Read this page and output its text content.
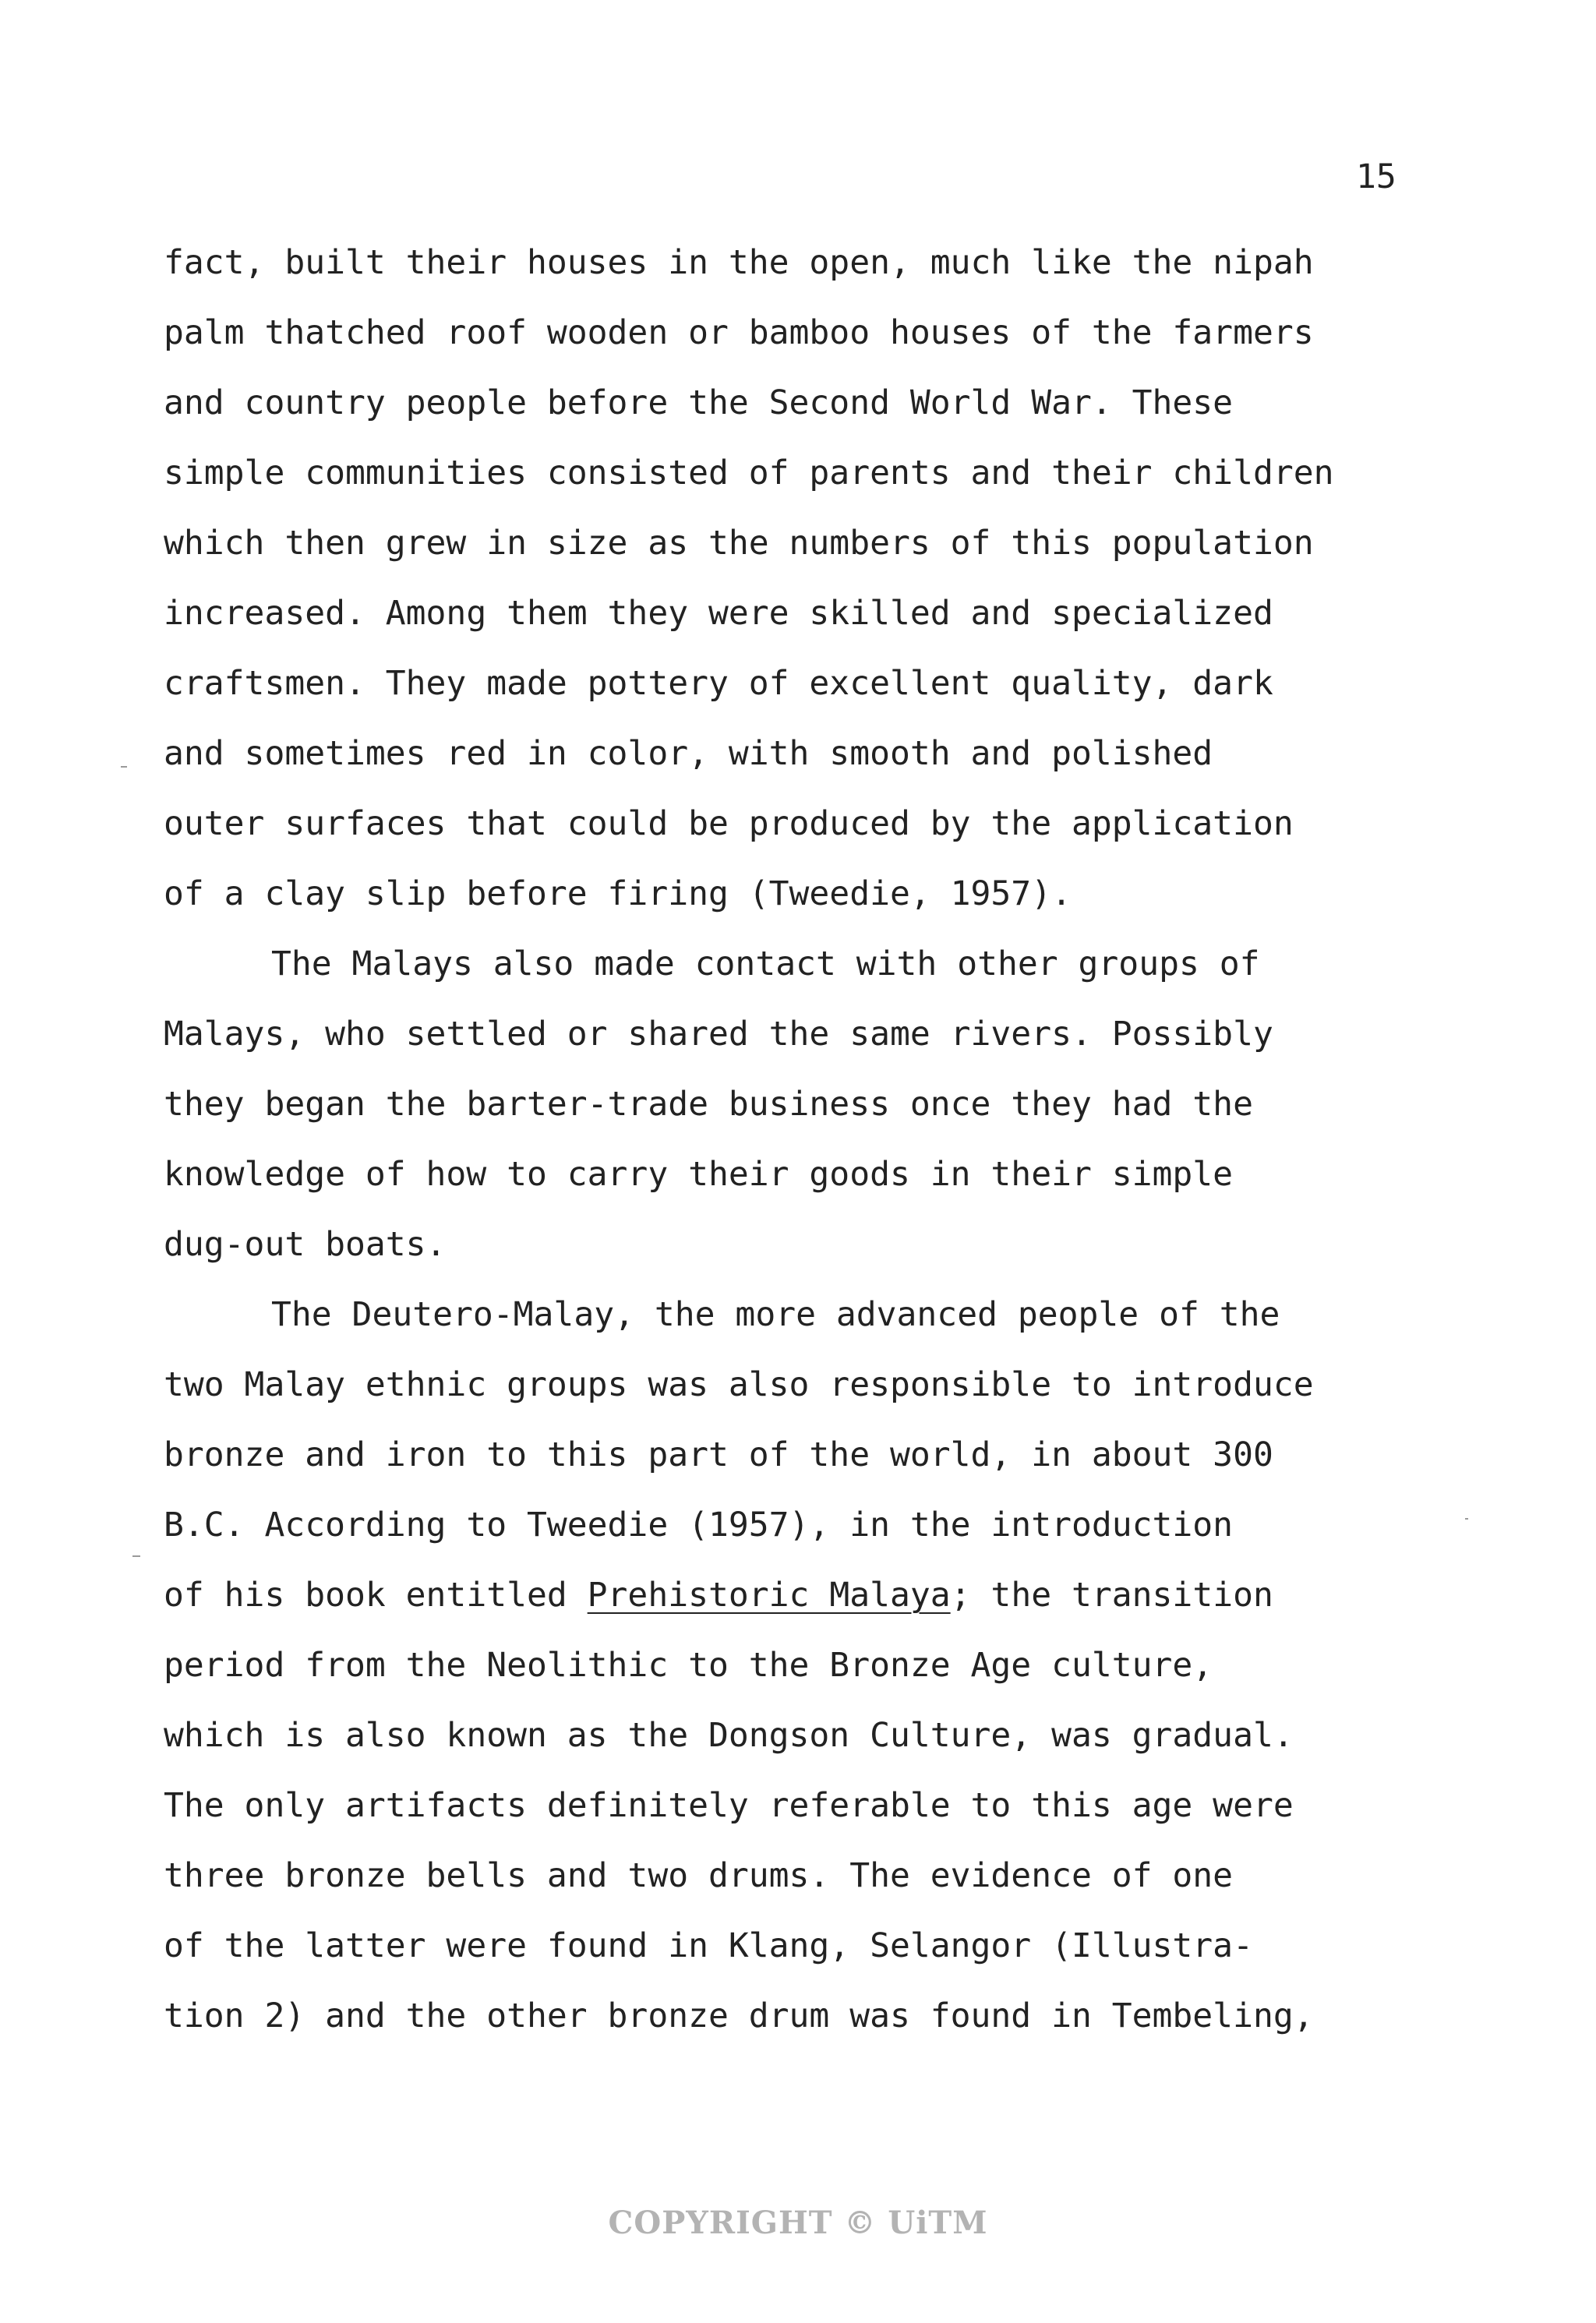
15
fact, built their houses in the open, much like the nipah
palm thatched roof wooden or bamboo houses of the farmers
and country people before the Second World War. These
simple communities consisted of parents and their children
which then grew in size as the numbers of this population
increased. Among them they were skilled and specialized
craftsmen. They made pottery of excellent quality, dark
and sometimes red in color, with smooth and polished
outer surfaces that could be produced by the application
of a clay slip before firing (Tweedie, 1957).
The Malays also made contact with other groups of
Malays, who settled or shared the same rivers. Possibly
they began the barter-trade business once they had the
knowledge of how to carry their goods in their simple
dug-out boats.
The Deutero-Malay, the more advanced people of the
two Malay ethnic groups was also responsible to introduce
bronze and iron to this part of the world, in about 300
B.C. According to Tweedie (1957), in the introduction
of his book entitled Prehistoric Malaya; the transition
period from the Neolithic to the Bronze Age culture,
which is also known as the Dongson Culture, was gradual.
The only artifacts definitely referable to this age were
three bronze bells and two drums. The evidence of one
of the latter were found in Klang, Selangor (Illustra-
tion 2) and the other bronze drum was found in Tembeling,
COPYRIGHT © UiTM
